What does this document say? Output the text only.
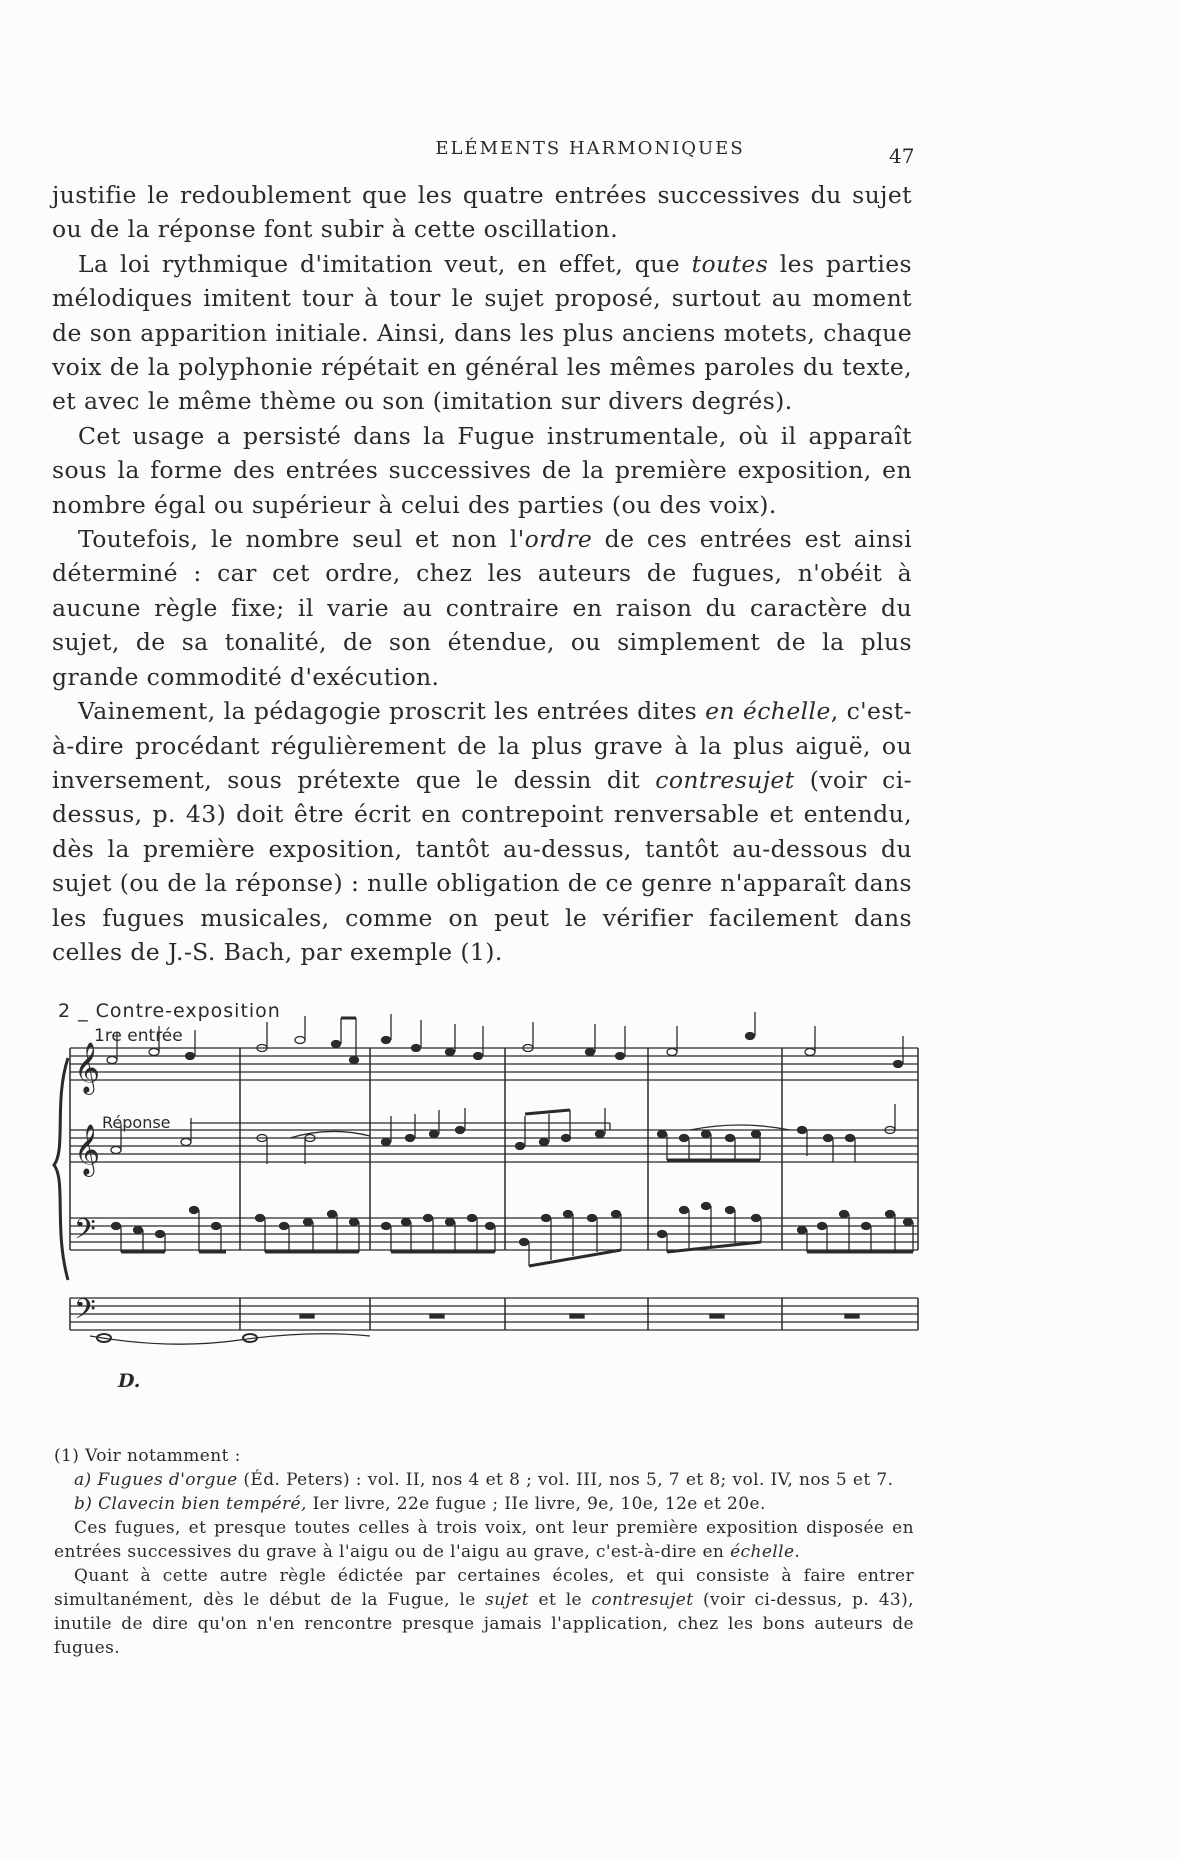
ELÉMENTS HARMONIQUES	47

justifie le redoublement que les quatre entrées successives du sujet ou de la réponse font subir à cette oscillation.

La loi rythmique d'imitation veut, en effet, que toutes les parties mélodiques imitent tour à tour le sujet proposé, surtout au moment de son apparition initiale. Ainsi, dans les plus anciens motets, chaque voix de la polyphonie répétait en général les mêmes paroles du texte, et avec le même thème ou son (imitation sur divers degrés).

Cet usage a persisté dans la Fugue instrumentale, où il apparaît sous la forme des entrées successives de la première exposition, en nombre égal ou supérieur à celui des parties (ou des voix).

Toutefois, le nombre seul et non l'ordre de ces entrées est ainsi déterminé : car cet ordre, chez les auteurs de fugues, n'obéit à aucune règle fixe; il varie au contraire en raison du caractère du sujet, de sa tonalité, de son étendue, ou simplement de la plus grande commodité d'exécution.

Vainement, la pédagogie proscrit les entrées dites en échelle, c'est-à-dire procédant régulièrement de la plus grave à la plus aiguë, ou inversement, sous prétexte que le dessin dit contresujet (voir ci-dessus, p. 43) doit être écrit en contrepoint renversable et entendu, dès la première exposition, tantôt au-dessus, tantôt au-dessous du sujet (ou de la réponse) : nulle obligation de ce genre n'apparaît dans les fugues musicales, comme on peut le vérifier facilement dans celles de J.-S. Bach, par exemple (1).

2 _ Contre-exposition
1re entrée
Réponse
D.
𝄞
𝄞
𝄢
𝄢

(1) Voir notamment :

a) Fugues d'orgue (Éd. Peters) : vol. II, nos 4 et 8 ; vol. III, nos 5, 7 et 8; vol. IV, nos 5 et 7.

b) Clavecin bien tempéré, Ier livre, 22e fugue ; IIe livre, 9e, 10e, 12e et 20e.

Ces fugues, et presque toutes celles à trois voix, ont leur première exposition disposée en entrées successives du grave à l'aigu ou de l'aigu au grave, c'est-à-dire en échelle.

Quant à cette autre règle édictée par certaines écoles, et qui consiste à faire entrer simultanément, dès le début de la Fugue, le sujet et le contresujet (voir ci-dessus, p. 43), inutile de dire qu'on n'en rencontre presque jamais l'application, chez les bons auteurs de fugues.
